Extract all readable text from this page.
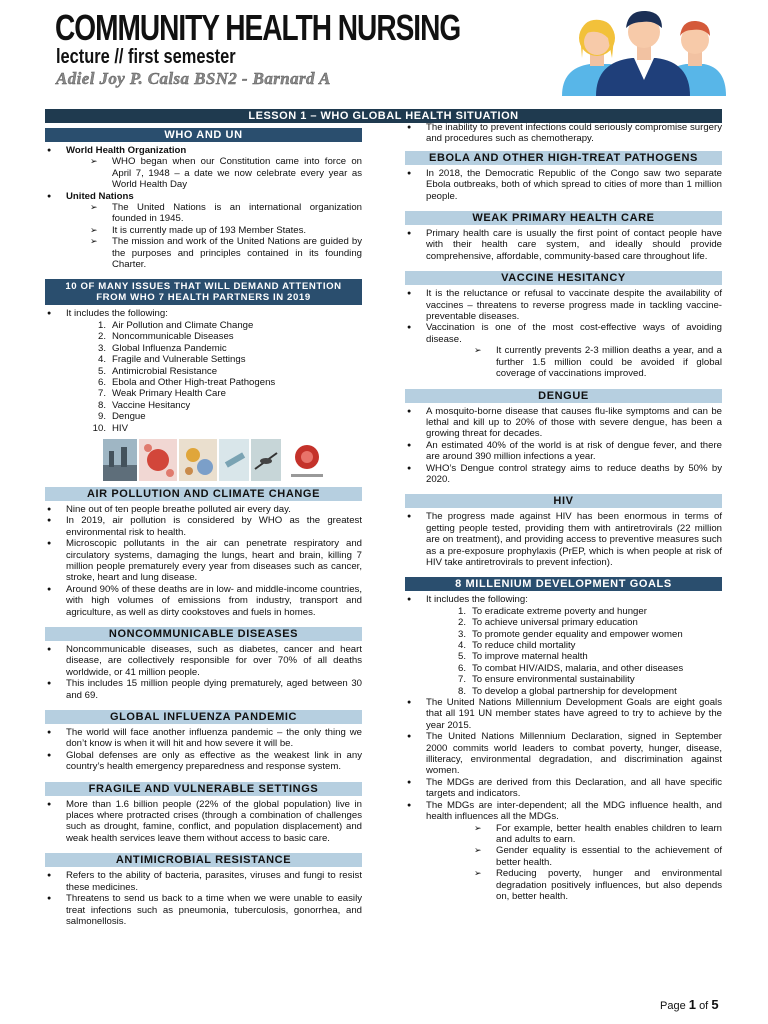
COMMUNITY HEALTH NURSING
lecture // first semester
Adiel Joy P. Calsa BSN2 - Barnard A
LESSON 1 – WHO GLOBAL HEALTH SITUATION
WHO AND UN
● World Health Organization
➢ WHO began when our Constitution came into force on April 7, 1948 – a date we now celebrate every year as World Health Day
● United Nations
➢ The United Nations is an international organization founded in 1945.
➢ It is currently made up of 193 Member States.
➢ The mission and work of the United Nations are guided by the purposes and principles contained in its founding Charter.
10 OF MANY ISSUES THAT WILL DEMAND ATTENTION FROM WHO 7 HEALTH PARTNERS IN 2019
● It includes the following:
1. Air Pollution and Climate Change
2. Noncommunicable Diseases
3. Global Influenza Pandemic
4. Fragile and Vulnerable Settings
5. Antimicrobial Resistance
6. Ebola and Other High-treat Pathogens
7. Weak Primary Health Care
8. Vaccine Hesitancy
9. Dengue
10. HIV
AIR POLLUTION AND CLIMATE CHANGE
● Nine out of ten people breathe polluted air every day.
● In 2019, air pollution is considered by WHO as the greatest environmental risk to health.
● Microscopic pollutants in the air can penetrate respiratory and circulatory systems, damaging the lungs, heart and brain, killing 7 million people prematurely every year from diseases such as cancer, stroke, heart and lung disease.
● Around 90% of these deaths are in low- and middle-income countries, with high volumes of emissions from industry, transport and agriculture, as well as dirty cookstoves and fuels in homes.
NONCOMMUNICABLE DISEASES
● Noncommunicable diseases, such as diabetes, cancer and heart disease, are collectively responsible for over 70% of all deaths worldwide, or 41 million people.
● This includes 15 million people dying prematurely, aged between 30 and 69.
GLOBAL INFLUENZA PANDEMIC
● The world will face another influenza pandemic – the only thing we don’t know is when it will hit and how severe it will be.
● Global defenses are only as effective as the weakest link in any country’s health emergency preparedness and response system.
FRAGILE AND VULNERABLE SETTINGS
● More than 1.6 billion people (22% of the global population) live in places where protracted crises (through a combination of challenges such as drought, famine, conflict, and population displacement) and weak health services leave them without access to basic care.
ANTIMICROBIAL RESISTANCE
● Refers to the ability of bacteria, parasites, viruses and fungi to resist these medicines.
● Threatens to send us back to a time when we were unable to easily treat infections such as pneumonia, tuberculosis, gonorrhea, and salmonellosis.
● The inability to prevent infections could seriously compromise surgery and procedures such as chemotherapy.
EBOLA AND OTHER HIGH-TREAT PATHOGENS
● In 2018, the Democratic Republic of the Congo saw two separate Ebola outbreaks, both of which spread to cities of more than 1 million people.
WEAK PRIMARY HEALTH CARE
● Primary health care is usually the first point of contact people have with their health care system, and ideally should provide comprehensive, affordable, community-based care throughout life.
VACCINE HESITANCY
● It is the reluctance or refusal to vaccinate despite the availability of vaccines – threatens to reverse progress made in tackling vaccine-preventable diseases.
● Vaccination is one of the most cost-effective ways of avoiding disease.
➢ It currently prevents 2-3 million deaths a year, and a further 1.5 million could be avoided if global coverage of vaccinations improved.
DENGUE
● A mosquito-borne disease that causes flu-like symptoms and can be lethal and kill up to 20% of those with severe dengue, has been a growing threat for decades.
● An estimated 40% of the world is at risk of dengue fever, and there are around 390 million infections a year.
● WHO’s Dengue control strategy aims to reduce deaths by 50% by 2020.
HIV
● The progress made against HIV has been enormous in terms of getting people tested, providing them with antiretrovirals (22 million are on treatment), and providing access to preventive measures such as a pre-exposure prophylaxis (PrEP, which is when people at risk of HIV take antiretrovirals to prevent infection).
8 MILLENIUM DEVELOPMENT GOALS
● It includes the following:
1. To eradicate extreme poverty and hunger
2. To achieve universal primary education
3. To promote gender equality and empower women
4. To reduce child mortality
5. To improve maternal health
6. To combat HIV/AIDS, malaria, and other diseases
7. To ensure environmental sustainability
8. To develop a global partnership for development
● The United Nations Millennium Development Goals are eight goals that all 191 UN member states have agreed to try to achieve by the year 2015.
● The United Nations Millennium Declaration, signed in September 2000 commits world leaders to combat poverty, hunger, disease, illiteracy, environmental degradation, and discrimination against women.
● The MDGs are derived from this Declaration, and all have specific targets and indicators.
● The MDGs are inter-dependent; all the MDG influence health, and health influences all the MDGs.
➢ For example, better health enables children to learn and adults to earn.
➢ Gender equality is essential to the achievement of better health.
➢ Reducing poverty, hunger and environmental degradation positively influences, but also depends on, better health.
Page 1 of 5
